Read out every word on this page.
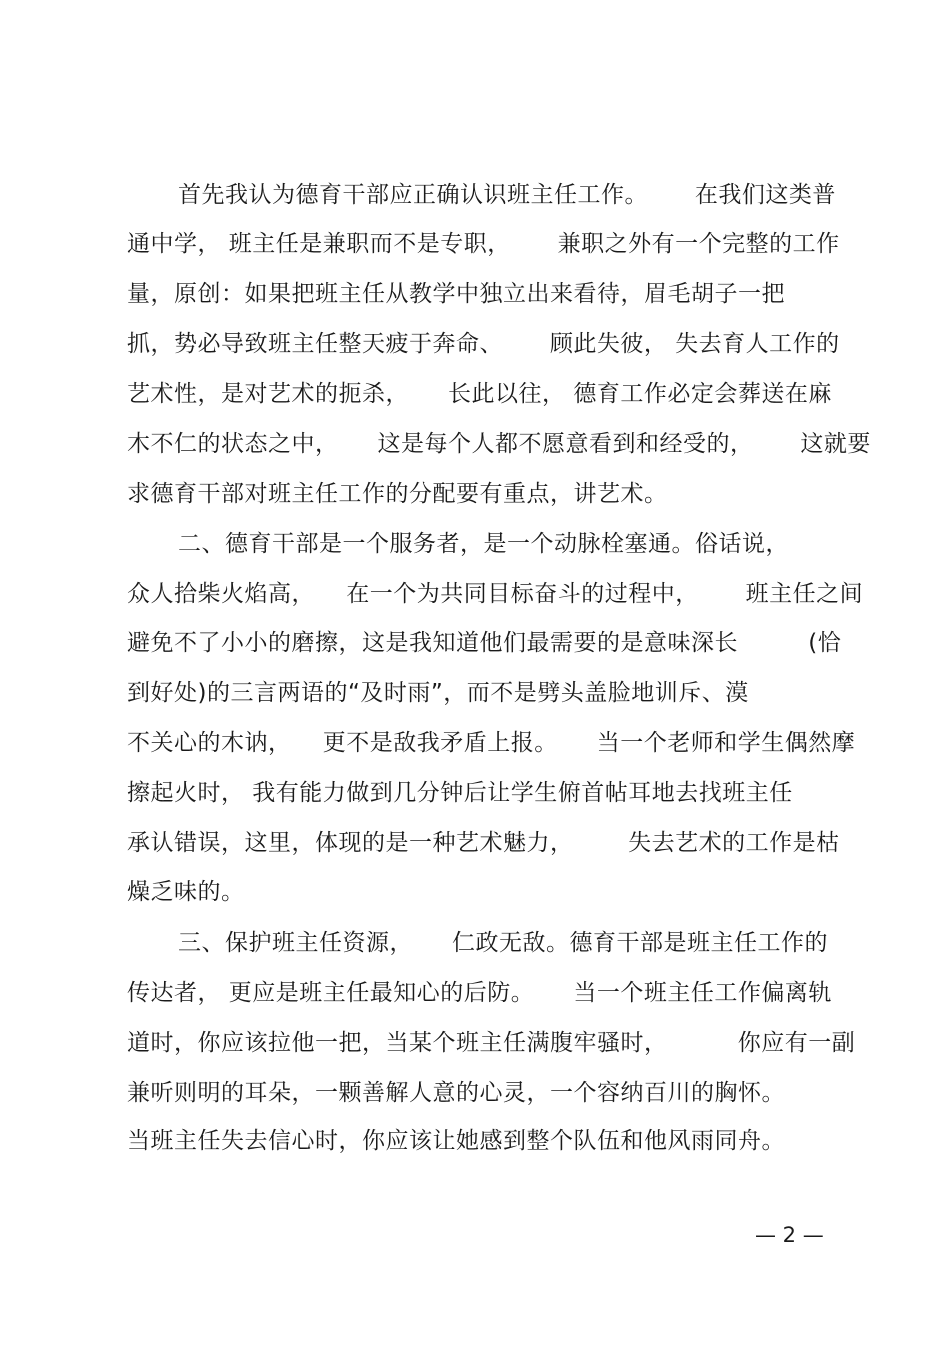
首先我认为德育干部应正确认识班主任工作。      在我们这类普
通中学， 班主任是兼职而不是专职，      兼职之外有一个完整的工作
量，原创：如果把班主任从教学中独立出来看待，眉毛胡子一把
抓，势必导致班主任整天疲于奔命、      顾此失彼， 失去育人工作的
艺术性，是对艺术的扼杀，     长此以往， 德育工作必定会葬送在麻
木不仁的状态之中，     这是每个人都不愿意看到和经受的，      这就要
求德育干部对班主任工作的分配要有重点，讲艺术。
二、德育干部是一个服务者，是一个动脉栓塞通。俗话说，
众人拾柴火焰高，    在一个为共同目标奋斗的过程中，      班主任之间
避免不了小小的磨擦，这是我知道他们最需要的是意味深长         (恰
到好处)的三言两语的“及时雨”，而不是劈头盖脸地训斥、漠
不关心的木讷，    更不是敌我矛盾上报。     当一个老师和学生偶然摩
擦起火时， 我有能力做到几分钟后让学生俯首帖耳地去找班主任
承认错误，这里，体现的是一种艺术魅力，       失去艺术的工作是枯
燥乏味的。
三、保护班主任资源，     仁政无敌。德育干部是班主任工作的
传达者， 更应是班主任最知心的后防。     当一个班主任工作偏离轨
道时，你应该拉他一把，当某个班主任满腹牢骚时，         你应有一副
兼听则明的耳朵，一颗善解人意的心灵，一个容纳百川的胸怀。
当班主任失去信心时，你应该让她感到整个队伍和他风雨同舟。
— 2 —
